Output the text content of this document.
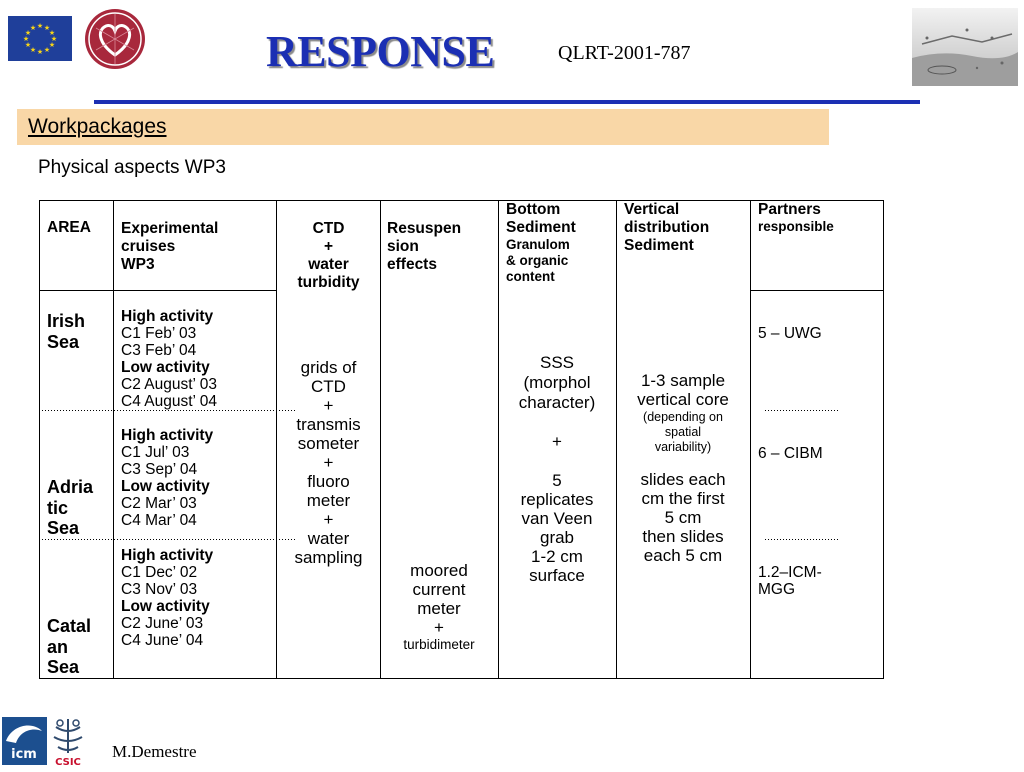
★ ★
★
★
★
★
★
★
★
★
★
★	RESPONSE	QLRT-2001-787
Workpackages
Physical aspects WP3
AREA Experimental
cruises
WP3
CTD
+
water
turbidity
Resuspen
sion
effects
Bottom
Sediment
Granulom
& organic
content
Vertical
distribution
Sediment
Partners
responsible
Irish
Sea
Adria
tic
Sea
Catal
an
Sea
High activity
C1 Feb’ 03
C3 Feb’ 04
Low activity
C2 August’ 03
C4 August’ 04
High activity
C1 Jul’ 03
C3 Sep’ 04
Low activity
C2 Mar’ 03
C4 Mar’ 04
High activity
C1 Dec’ 02
C3 Nov’ 03
Low activity
C2 June’ 03
C4 June’ 04
grids of
CTD
+
transmis
someter
+
fluoro
meter
+
water
sampling
moored
current
meter
+
turbidimeter
SSS
(morphol
character)
+
5
replicates
van Veen
grab
1-2 cm
surface
1-3 sample
vertical core
(depending on
spatial
variability)
slides each
cm the first
5 cm
then slides
each 5 cm
5 – UWG
6 – CIBM
1.2–ICM-
MGG
icm
CSIC
M.Demestre
